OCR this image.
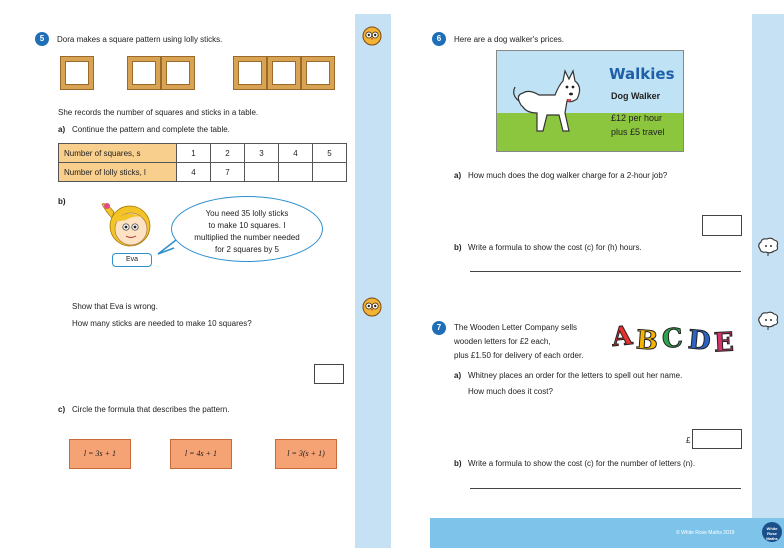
5	Dora makes a square pattern using lolly sticks.
She records the number of squares and sticks in a table.
a) Continue the pattern and complete the table.
Number of squares, s	1	2	3	4	5
Number of lolly sticks, l	4	7			
b)
Eva
You need 35 lolly sticks
to make 10 squares. I
multiplied the number needed
for 2 squares by 5
Show that Eva is wrong.
How many sticks are needed to make 10 squares?
c) Circle the formula that describes the pattern.
l = 3s + 1	l = 4s + 1	l = 3(s + 1)
6	Here are a dog walker's prices.
Walkies
Dog Walker
£12 per hour
plus £5 travel
a) How much does the dog walker charge for a 2-hour job?
b) Write a formula to show the cost (c) for (h) hours.
7	The Wooden Letter Company sells
wooden letters for £2 each,
plus £1.50 for delivery of each order.
A B C D E
a) Whitney places an order for the letters to spell out her name.
How much does it cost?
£
b) Write a formula to show the cost (c) for the number of letters (n).
© White Rose Maths 2019
White
Rose
Maths
